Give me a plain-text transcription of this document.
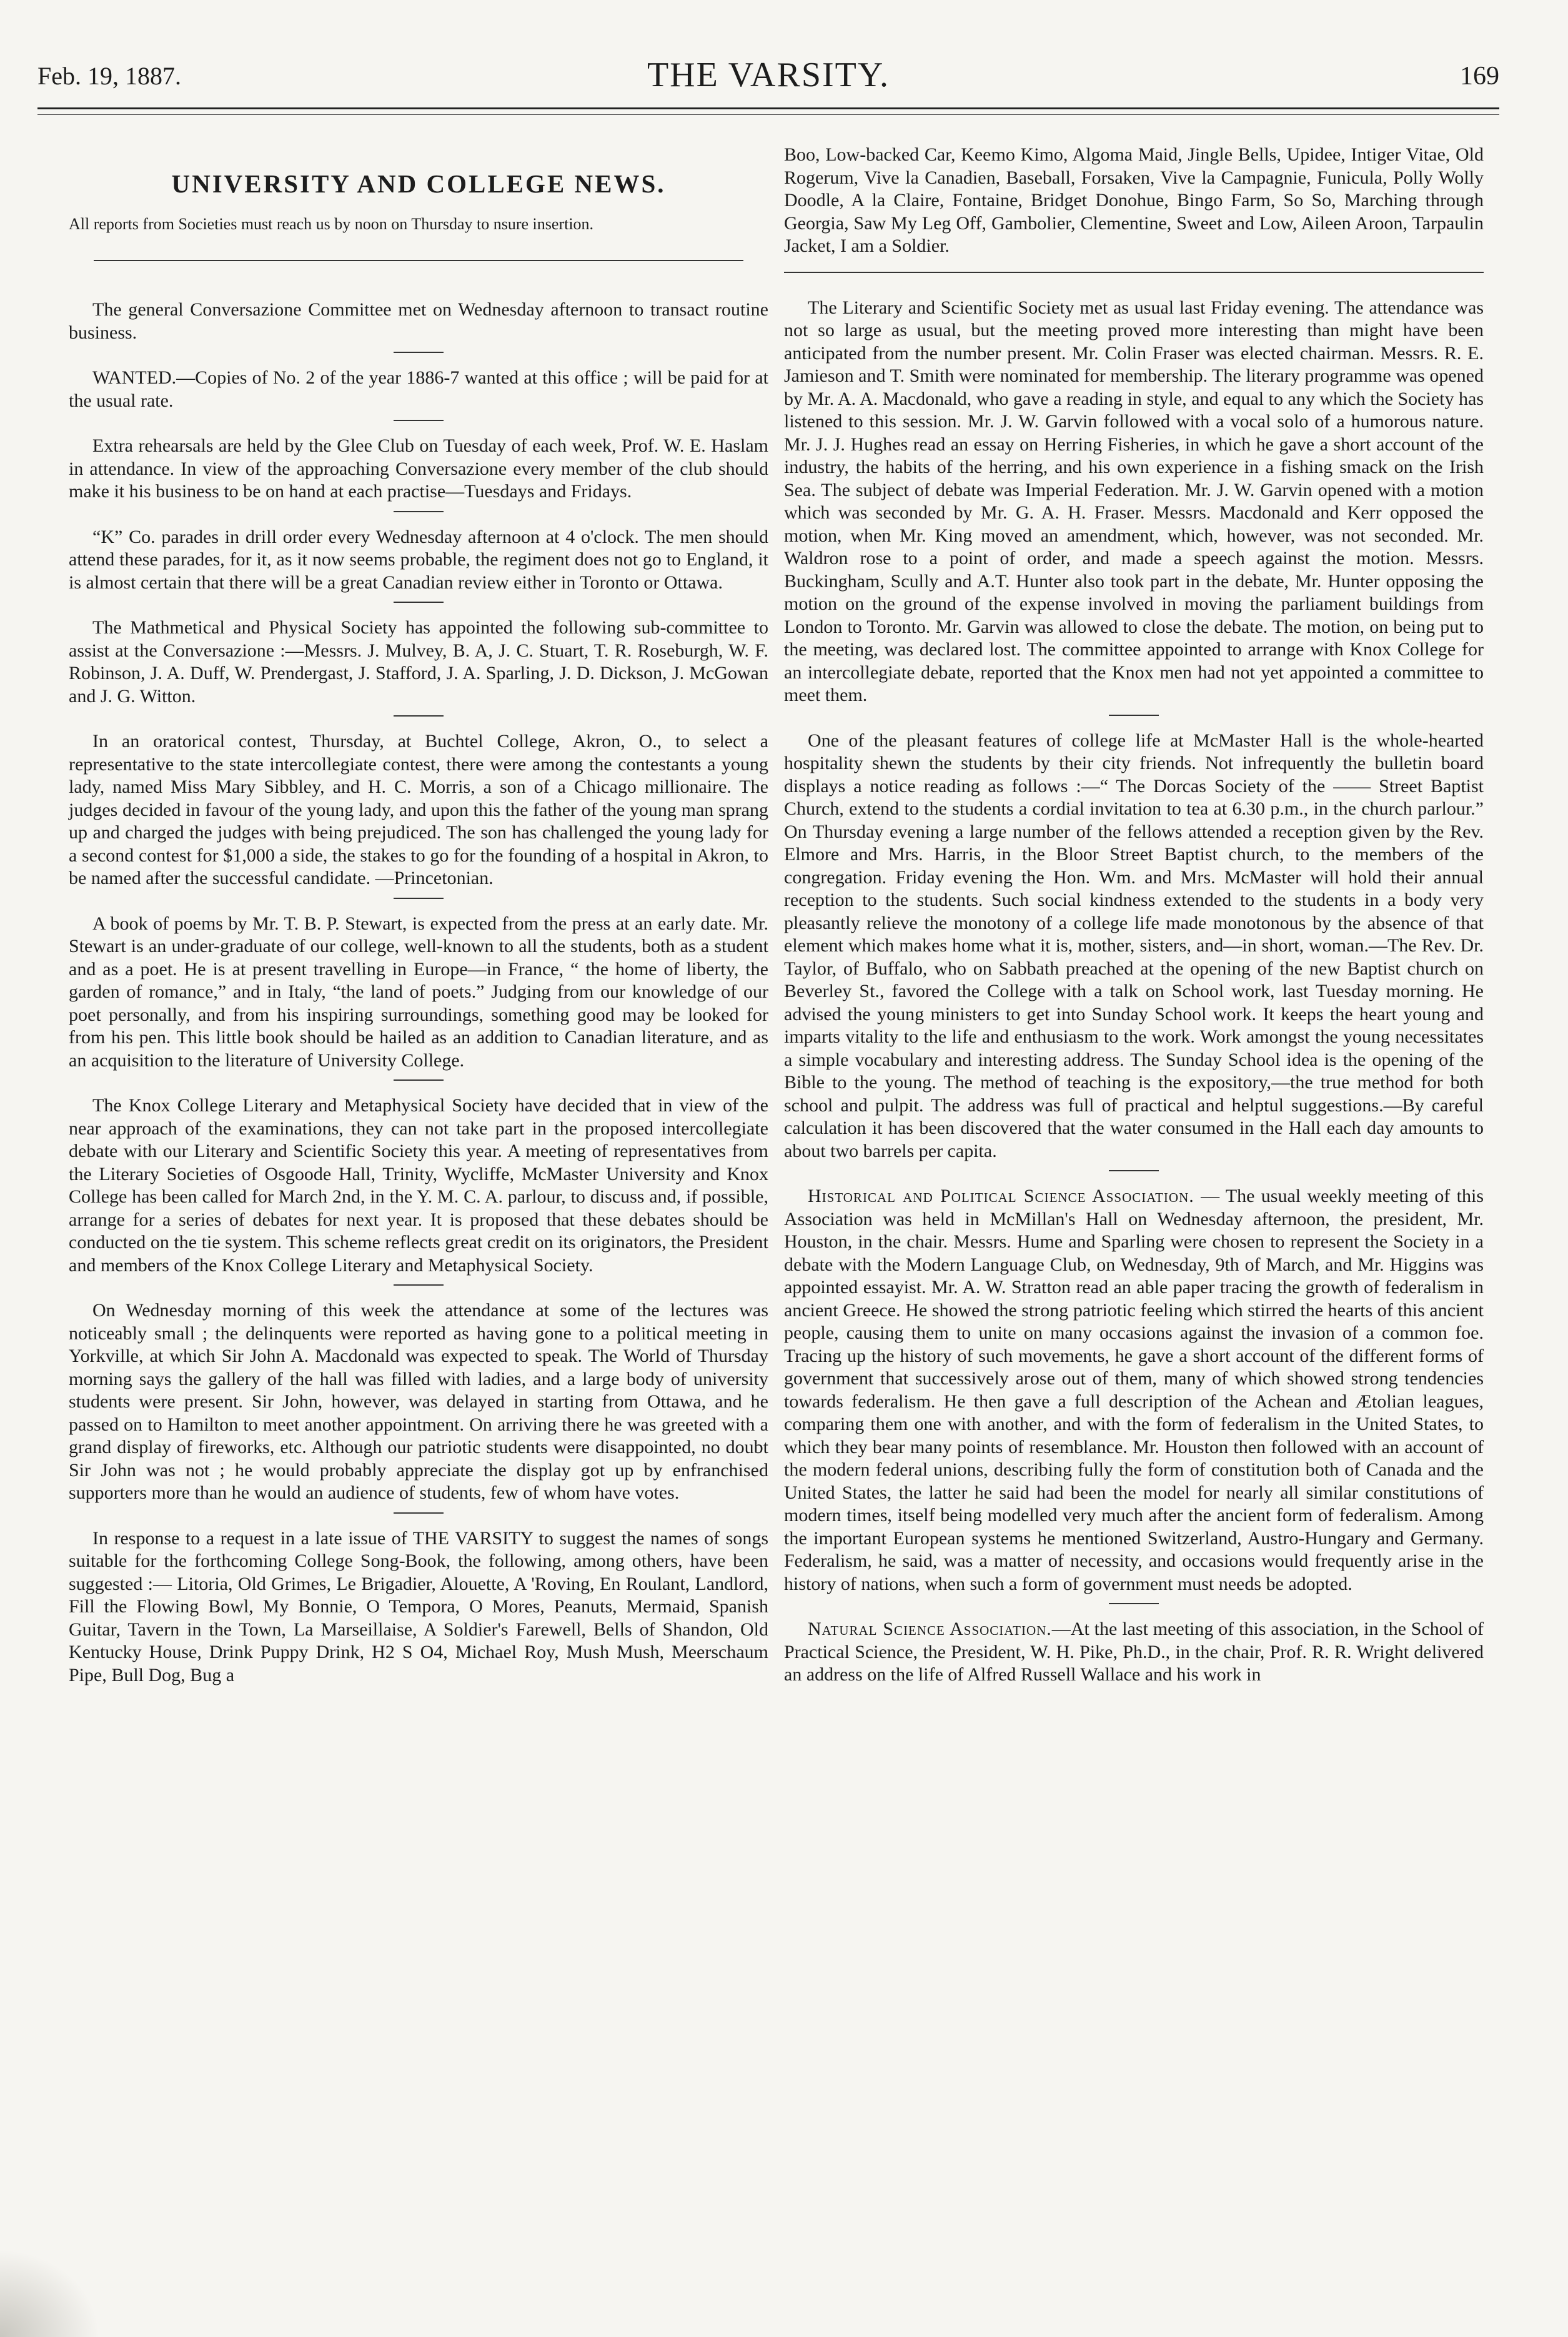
Feb. 19, 1887.	THE VARSITY.	169
UNIVERSITY AND COLLEGE NEWS.
All reports from Societies must reach us by noon on Thursday to nsure insertion.

The general Conversazione Committee met on Wednesday afternoon to transact routine business.

WANTED.—Copies of No. 2 of the year 1886-7 wanted at this office ; will be paid for at the usual rate.

Extra rehearsals are held by the Glee Club on Tuesday of each week, Prof. W. E. Haslam in attendance. In view of the approaching Conversazione every member of the club should make it his business to be on hand at each practise—Tuesdays and Fridays.

“K” Co. parades in drill order every Wednesday afternoon at 4 o'clock. The men should attend these parades, for it, as it now seems probable, the regiment does not go to England, it is almost certain that there will be a great Canadian review either in Toronto or Ottawa.

The Mathmetical and Physical Society has appointed the following sub-committee to assist at the Conversazione :—Messrs. J. Mulvey, B. A, J. C. Stuart, T. R. Roseburgh, W. F. Robinson, J. A. Duff, W. Prendergast, J. Stafford, J. A. Sparling, J. D. Dickson, J. McGowan and J. G. Witton.

In an oratorical contest, Thursday, at Buchtel College, Akron, O., to select a representative to the state intercollegiate contest, there were among the contestants a young lady, named Miss Mary Sibbley, and H. C. Morris, a son of a Chicago millionaire. The judges decided in favour of the young lady, and upon this the father of the young man sprang up and charged the judges with being prejudiced. The son has challenged the young lady for a second contest for $1,000 a side, the stakes to go for the founding of a hospital in Akron, to be named after the successful candidate. —Princetonian.

A book of poems by Mr. T. B. P. Stewart, is expected from the press at an early date. Mr. Stewart is an under-graduate of our college, well-known to all the students, both as a student and as a poet. He is at present travelling in Europe—in France, “ the home of liberty, the garden of romance,” and in Italy, “the land of poets.” Judging from our knowledge of our poet personally, and from his inspiring surroundings, something good may be looked for from his pen. This little book should be hailed as an addition to Canadian literature, and as an acquisition to the literature of University College.

The Knox College Literary and Metaphysical Society have decided that in view of the near approach of the examinations, they can not take part in the proposed intercollegiate debate with our Literary and Scientific Society this year. A meeting of representatives from the Literary Societies of Osgoode Hall, Trinity, Wycliffe, McMaster University and Knox College has been called for March 2nd, in the Y. M. C. A. parlour, to discuss and, if possible, arrange for a series of debates for next year. It is proposed that these debates should be conducted on the tie system. This scheme reflects great credit on its originators, the President and members of the Knox College Literary and Metaphysical Society.

On Wednesday morning of this week the attendance at some of the lectures was noticeably small ; the delinquents were reported as having gone to a political meeting in Yorkville, at which Sir John A. Macdonald was expected to speak. The World of Thursday morning says the gallery of the hall was filled with ladies, and a large body of university students were present. Sir John, however, was delayed in starting from Ottawa, and he passed on to Hamilton to meet another appointment. On arriving there he was greeted with a grand display of fireworks, etc. Although our patriotic students were disappointed, no doubt Sir John was not ; he would probably appreciate the display got up by enfranchised supporters more than he would an audience of students, few of whom have votes.

In response to a request in a late issue of THE VARSITY to suggest the names of songs suitable for the forthcoming College Song-Book, the following, among others, have been suggested :— Litoria, Old Grimes, Le Brigadier, Alouette, A 'Roving, En Roulant, Landlord, Fill the Flowing Bowl, My Bonnie, O Tempora, O Mores, Peanuts, Mermaid, Spanish Guitar, Tavern in the Town, La Marseillaise, A Soldier's Farewell, Bells of Shandon, Old Kentucky House, Drink Puppy Drink, H2 S O4, Michael Roy, Mush Mush, Meerschaum Pipe, Bull Dog, Bug a

Boo, Low-backed Car, Keemo Kimo, Algoma Maid, Jingle Bells, Upidee, Intiger Vitae, Old Rogerum, Vive la Canadien, Baseball, Forsaken, Vive la Campagnie, Funicula, Polly Wolly Doodle, A la Claire, Fontaine, Bridget Donohue, Bingo Farm, So So, Marching through Georgia, Saw My Leg Off, Gambolier, Clementine, Sweet and Low, Aileen Aroon, Tarpaulin Jacket, I am a Soldier.

The Literary and Scientific Society met as usual last Friday evening. The attendance was not so large as usual, but the meeting proved more interesting than might have been anticipated from the number present. Mr. Colin Fraser was elected chairman. Messrs. R. E. Jamieson and T. Smith were nominated for membership. The literary programme was opened by Mr. A. A. Macdonald, who gave a reading in style, and equal to any which the Society has listened to this session. Mr. J. W. Garvin followed with a vocal solo of a humorous nature. Mr. J. J. Hughes read an essay on Herring Fisheries, in which he gave a short account of the industry, the habits of the herring, and his own experience in a fishing smack on the Irish Sea. The subject of debate was Imperial Federation. Mr. J. W. Garvin opened with a motion which was seconded by Mr. G. A. H. Fraser. Messrs. Macdonald and Kerr opposed the motion, when Mr. King moved an amendment, which, however, was not seconded. Mr. Waldron rose to a point of order, and made a speech against the motion. Messrs. Buckingham, Scully and A.T. Hunter also took part in the debate, Mr. Hunter opposing the motion on the ground of the expense involved in moving the parliament buildings from London to Toronto. Mr. Garvin was allowed to close the debate. The motion, on being put to the meeting, was declared lost. The committee appointed to arrange with Knox College for an intercollegiate debate, reported that the Knox men had not yet appointed a committee to meet them.

One of the pleasant features of college life at McMaster Hall is the whole-hearted hospitality shewn the students by their city friends. Not infrequently the bulletin board displays a notice reading as follows :—“ The Dorcas Society of the —— Street Baptist Church, extend to the students a cordial invitation to tea at 6.30 p.m., in the church parlour.” On Thursday evening a large number of the fellows attended a reception given by the Rev. Elmore and Mrs. Harris, in the Bloor Street Baptist church, to the members of the congregation. Friday evening the Hon. Wm. and Mrs. McMaster will hold their annual reception to the students. Such social kindness extended to the students in a body very pleasantly relieve the monotony of a college life made monotonous by the absence of that element which makes home what it is, mother, sisters, and—in short, woman.—The Rev. Dr. Taylor, of Buffalo, who on Sabbath preached at the opening of the new Baptist church on Beverley St., favored the College with a talk on School work, last Tuesday morning. He advised the young ministers to get into Sunday School work. It keeps the heart young and imparts vitality to the life and enthusiasm to the work. Work amongst the young necessitates a simple vocabulary and interesting address. The Sunday School idea is the opening of the Bible to the young. The method of teaching is the expository,—the true method for both school and pulpit. The address was full of practical and helptul suggestions.—By careful calculation it has been discovered that the water consumed in the Hall each day amounts to about two barrels per capita.

Historical and Political Science Association. — The usual weekly meeting of this Association was held in McMillan's Hall on Wednesday afternoon, the president, Mr. Houston, in the chair. Messrs. Hume and Sparling were chosen to represent the Society in a debate with the Modern Language Club, on Wednesday, 9th of March, and Mr. Higgins was appointed essayist. Mr. A. W. Stratton read an able paper tracing the growth of federalism in ancient Greece. He showed the strong patriotic feeling which stirred the hearts of this ancient people, causing them to unite on many occasions against the invasion of a common foe. Tracing up the history of such movements, he gave a short account of the different forms of government that successively arose out of them, many of which showed strong tendencies towards federalism. He then gave a full description of the Achean and Ætolian leagues, comparing them one with another, and with the form of federalism in the United States, to which they bear many points of resemblance. Mr. Houston then followed with an account of the modern federal unions, describing fully the form of constitution both of Canada and the United States, the latter he said had been the model for nearly all similar constitutions of modern times, itself being modelled very much after the ancient form of federalism. Among the important European systems he mentioned Switzerland, Austro-Hungary and Germany. Federalism, he said, was a matter of necessity, and occasions would frequently arise in the history of nations, when such a form of government must needs be adopted.

Natural Science Association.—At the last meeting of this association, in the School of Practical Science, the President, W. H. Pike, Ph.D., in the chair, Prof. R. R. Wright delivered an address on the life of Alfred Russell Wallace and his work in
